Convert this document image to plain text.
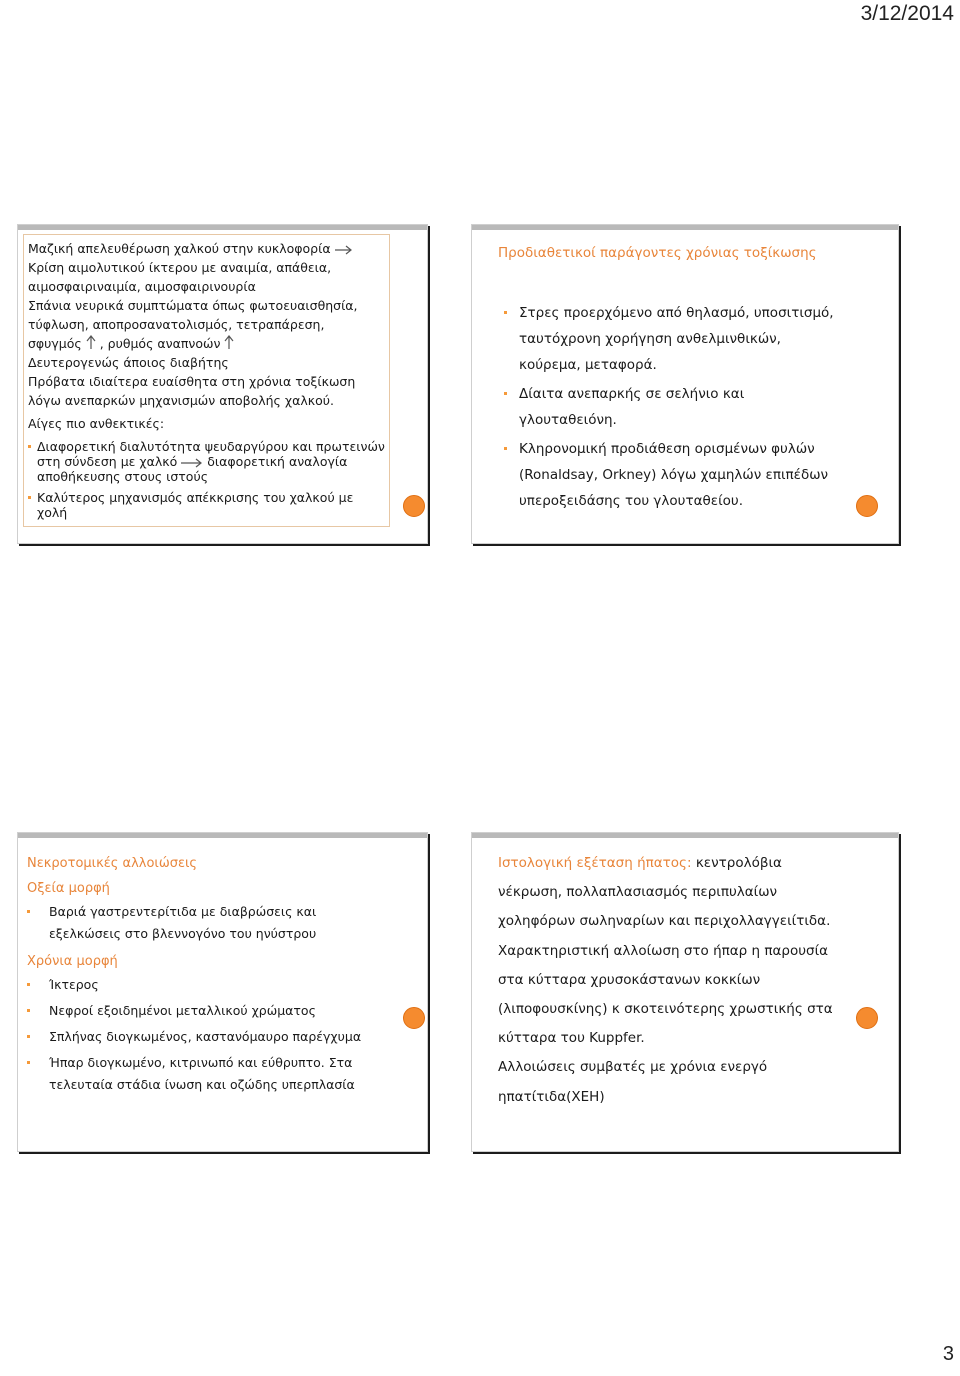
3/12/2014
Μαζική απελευθέρωση χαλκού στην κυκλοφορία
Κρίση αιμολυτικού ίκτερου με αναιμία, απάθεια,
αιμοσφαιριναιμία, αιμοσφαιρινουρία
Σπάνια νευρικά συμπτώματα όπως φωτοευαισθησία,
τύφλωση, αποπροσανατολισμός, τετραπάρεση,
σφυγμός , ρυθμός αναπνοών
Δευτερογενώς άποιος διαβήτης
Πρόβατα ιδιαίτερα ευαίσθητα στη χρόνια τοξίκωση
λόγω ανεπαρκών μηχανισμών αποβολής χαλκού.
Αίγες πιο ανθεκτικές:
Διαφορετική διαλυτότητα ψευδαργύρου και πρωτεινών στη σύνδεση με χαλκό διαφορετική αναλογία αποθήκευσης στους ιστούς
Καλύτερος μηχανισμός απέκκρισης του χαλκού με χολή
Προδιαθετικοί παράγοντες χρόνιας τοξίκωσης
Στρες προερχόμενο από θηλασμό, υποσιτισμό, ταυτόχρονη χορήγηση ανθελμινθικών, κούρεμα, μεταφορά.
Δίαιτα ανεπαρκής σε σελήνιο και γλουταθειόνη.
Κληρονομική προδιάθεση ορισμένων φυλών (Ronaldsay, Orkney) λόγω χαμηλών επιπέδων υπεροξειδάσης του γλουταθείου.
Νεκροτομικές αλλοιώσεις
Οξεία μορφή
Βαριά γαστρεντερίτιδα με διαβρώσεις και εξελκώσεις στο βλεννογόνο του ηνύστρου
Χρόνια μορφή
Ίκτερος
Νεφροί εξοιδημένοι μεταλλικού χρώματος
Σπλήνας διογκωμένος, καστανόμαυρο παρέγχυμα
Ήπαρ διογκωμένο, κιτρινωπό και εύθρυπτο. Στα τελευταία στάδια ίνωση και οζώδης υπερπλασία
Ιστολογική εξέταση ήπατος: κεντρολόβια
νέκρωση, πολλαπλασιασμός περιπυλαίων
χοληφόρων σωληναρίων και περιχολλαγγειίτιδα.
Χαρακτηριστική αλλοίωση στο ήπαρ η παρουσία
στα κύτταρα χρυσοκάστανων κοκκίων
(λιποφουσκίνης) κ σκοτεινότερης χρωστικής στα
κύτταρα του Kuppfer.
Αλλοιώσεις συμβατές με χρόνια ενεργό
ηπατίτιδα(ΧΕΗ)
3
